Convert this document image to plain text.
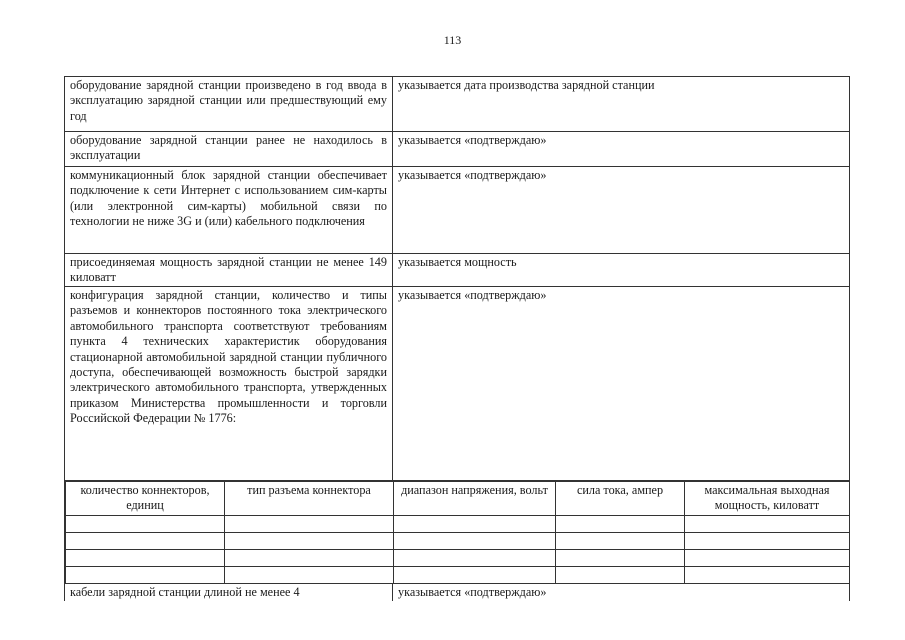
113
оборудование зарядной станции произведено в год ввода в эксплуатацию зарядной станции или предшествующий ему год	указывается дата производства зарядной станции
оборудование зарядной станции ранее не находилось в эксплуатации	указывается «подтверждаю»
коммуникационный блок зарядной станции обеспечивает подключение к сети Интернет с использованием сим-карты (или электронной сим-карты) мобильной связи по технологии не ниже 3G и (или) кабельного подключения	указывается «подтверждаю»
присоединяемая мощность зарядной станции не менее 149 киловатт	указывается мощность
конфигурация зарядной станции, количество и типы разъемов и коннекторов постоянного тока электрического автомобильного транспорта соответствуют требованиям пункта 4 технических характеристик оборудования стационарной автомобильной зарядной станции публичного доступа, обеспечивающей возможность быстрой зарядки электрического автомобильного транспорта, утвержденных приказом Министерства промышленности и торговли Российской Федерации № 1776:	указывается «подтверждаю»

количество коннекторов, единиц	тип разъема коннектора	диапазон напряжения, вольт	сила тока, ампер	максимальная выходная мощность, киловатт

кабели зарядной станции длиной не менее 4	указывается «подтверждаю»
